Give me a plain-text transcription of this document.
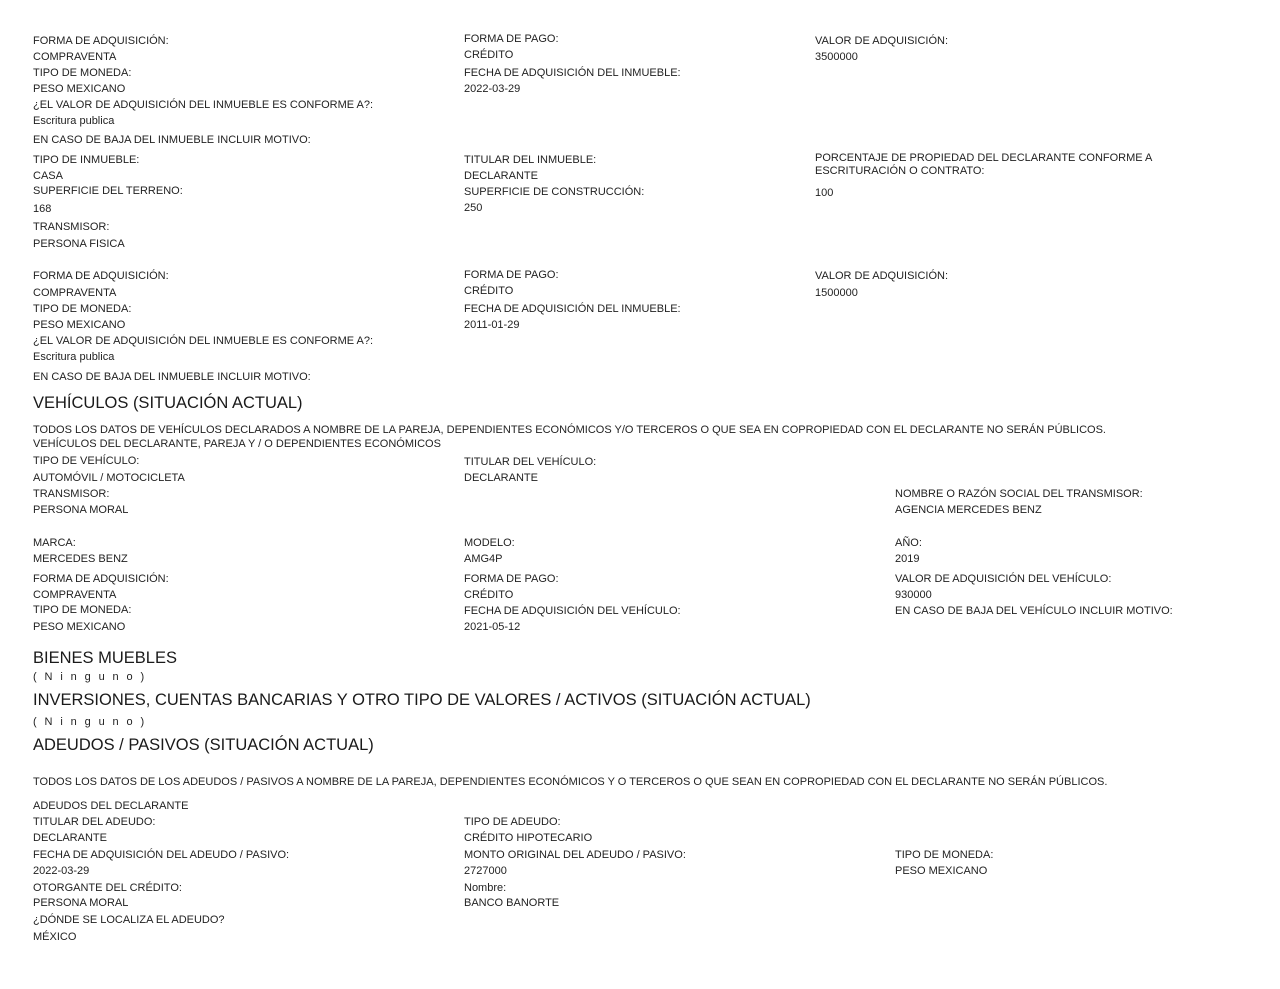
FORMA DE ADQUISICIÓN:
COMPRAVENTA
FORMA DE PAGO:
CRÉDITO
VALOR DE ADQUISICIÓN:
3500000
TIPO DE MONEDA:
PESO MEXICANO
FECHA DE ADQUISICIÓN DEL INMUEBLE:
2022-03-29
¿EL VALOR DE ADQUISICIÓN DEL INMUEBLE ES CONFORME A?:
Escritura publica
EN CASO DE BAJA DEL INMUEBLE INCLUIR MOTIVO:
TIPO DE INMUEBLE:
CASA
TITULAR DEL INMUEBLE:
DECLARANTE
PORCENTAJE DE PROPIEDAD DEL DECLARANTE CONFORME A ESCRITURACIÓN O CONTRATO:
100
SUPERFICIE DEL TERRENO:
168
SUPERFICIE DE CONSTRUCCIÓN:
250
TRANSMISOR:
PERSONA FISICA
FORMA DE ADQUISICIÓN:
COMPRAVENTA
FORMA DE PAGO:
CRÉDITO
VALOR DE ADQUISICIÓN:
1500000
TIPO DE MONEDA:
PESO MEXICANO
FECHA DE ADQUISICIÓN DEL INMUEBLE:
2011-01-29
¿EL VALOR DE ADQUISICIÓN DEL INMUEBLE ES CONFORME A?:
Escritura publica
EN CASO DE BAJA DEL INMUEBLE INCLUIR MOTIVO:
VEHÍCULOS (SITUACIÓN ACTUAL)
TODOS LOS DATOS DE VEHÍCULOS DECLARADOS A NOMBRE DE LA PAREJA, DEPENDIENTES ECONÓMICOS Y/O TERCEROS O QUE SEA EN COPROPIEDAD CON EL DECLARANTE NO SERÁN PÚBLICOS.
VEHÍCULOS DEL DECLARANTE, PAREJA Y / O DEPENDIENTES ECONÓMICOS
TIPO DE VEHÍCULO:
AUTOMÓVIL / MOTOCICLETA
TITULAR DEL VEHÍCULO:
DECLARANTE
TRANSMISOR:
PERSONA MORAL
NOMBRE O RAZÓN SOCIAL DEL TRANSMISOR:
AGENCIA MERCEDES BENZ
MARCA:
MERCEDES BENZ
MODELO:
AMG4P
AÑO:
2019
FORMA DE ADQUISICIÓN:
COMPRAVENTA
FORMA DE PAGO:
CRÉDITO
VALOR DE ADQUISICIÓN DEL VEHÍCULO:
930000
TIPO DE MONEDA:
PESO MEXICANO
FECHA DE ADQUISICIÓN DEL VEHÍCULO:
2021-05-12
EN CASO DE BAJA DEL VEHÍCULO INCLUIR MOTIVO:
BIENES MUEBLES
( N i n g u n o )
INVERSIONES, CUENTAS BANCARIAS Y OTRO TIPO DE VALORES / ACTIVOS (SITUACIÓN ACTUAL)
( N i n g u n o )
ADEUDOS / PASIVOS (SITUACIÓN ACTUAL)
TODOS LOS DATOS DE LOS ADEUDOS / PASIVOS A NOMBRE DE LA PAREJA, DEPENDIENTES ECONÓMICOS Y O TERCEROS O QUE SEAN EN COPROPIEDAD CON EL DECLARANTE NO SERÁN PÚBLICOS.
ADEUDOS DEL DECLARANTE
TITULAR DEL ADEUDO:
DECLARANTE
TIPO DE ADEUDO:
CRÉDITO HIPOTECARIO
FECHA DE ADQUISICIÓN DEL ADEUDO / PASIVO:
2022-03-29
MONTO ORIGINAL DEL ADEUDO / PASIVO:
2727000
TIPO DE MONEDA:
PESO MEXICANO
OTORGANTE DEL CRÉDITO:
PERSONA MORAL
Nombre:
BANCO BANORTE
¿DÓNDE SE LOCALIZA EL ADEUDO?
MÉXICO
